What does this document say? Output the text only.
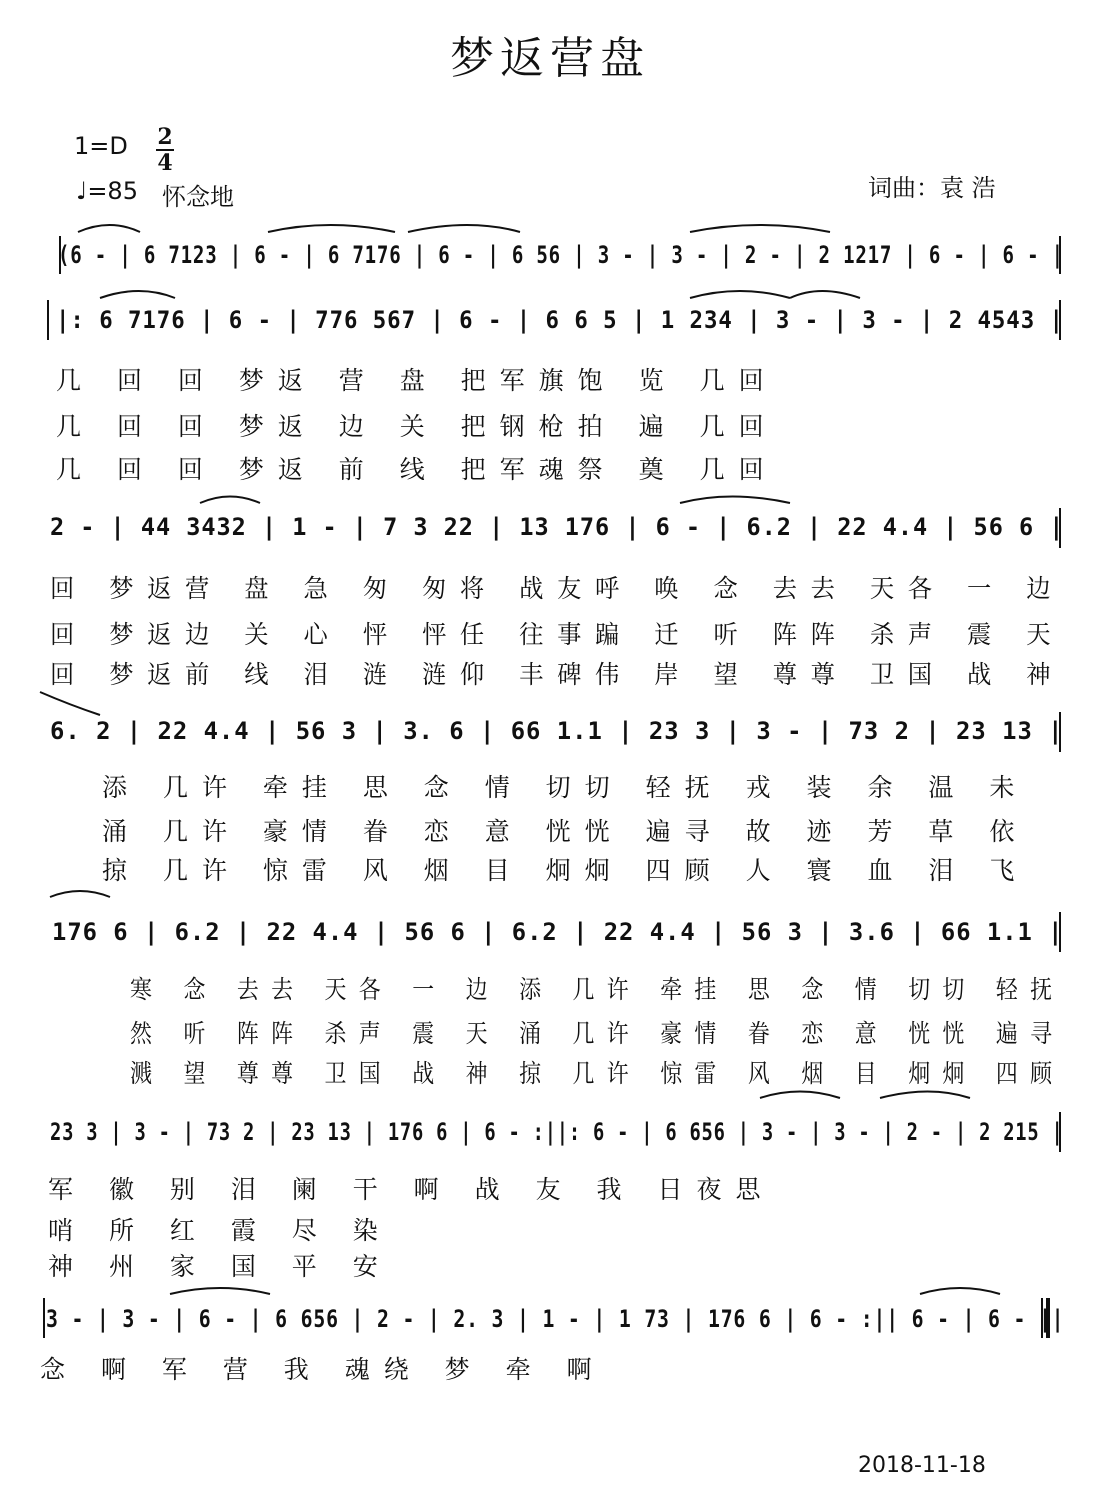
梦返营盘
1=D 2
4
♩=85 怀念地	词曲：袁 浩
(6 - | 6 7123 | 6 - | 6 7176 | 6 - | 6 56 | 3 - | 3 - | 2 - | 2 1217 | 6 - | 6 - |
|: 6 7176 | 6 - | 776 567 | 6 - | 6 6 5 | 1 234 | 3 - | 3 - | 2 4543 |
几 回 回 梦返 营 盘 把军旗饱 览 几回
几 回 回 梦返 边 关 把钢枪拍 遍 几回
几 回 回 梦返 前 线 把军魂祭 奠 几回
2 - | 44 3432 | 1 - | 7 3 22 | 13 176 | 6 - | 6.2 | 22 4.4 | 56 6 |
回 梦返营 盘 急 匆 匆将 战友呼 唤 念 去去 天各 一 边
回 梦返边 关 心 怦 怦任 往事蹁 迁 听 阵阵 杀声 震 天
回 梦返前 线 泪 涟 涟仰 丰碑伟 岸 望 尊尊 卫国 战 神
6. 2 | 22 4.4 | 56 3 | 3. 6 | 66 1.1 | 23 3 | 3 - | 73 2 | 23 13 |
添 几许 牵挂 思 念 情 切切 轻抚 戎 装 余 温 未
涌 几许 豪情 眷 恋 意 恍恍 遍寻 故 迹 芳 草 依
掠 几许 惊雷 风 烟 目 炯炯 四顾 人 寰 血 泪 飞
176 6 | 6.2 | 22 4.4 | 56 6 | 6.2 | 22 4.4 | 56 3 | 3.6 | 66 1.1 |
寒 念 去去 天各 一 边 添 几许 牵挂 思 念 情 切切 轻抚
然 听 阵阵 杀声 震 天 涌 几许 豪情 眷 恋 意 恍恍 遍寻
溅 望 尊尊 卫国 战 神 掠 几许 惊雷 风 烟 目 炯炯 四顾
23 3 | 3 - | 73 2 | 23 13 | 176 6 | 6 - :||: 6 - | 6 656 | 3 - | 3 - | 2 - | 2 215 |
军 徽 别 泪 阑 干 啊 战 友 我 日夜思
哨 所 红 霞 尽 染
神 州 家 国 平 安
3 - | 3 - | 6 - | 6 656 | 2 - | 2. 3 | 1 - | 1 73 | 176 6 | 6 - :|| 6 - | 6 - ||
念 啊 军 营 我 魂绕 梦 牵 啊
2018-11-18
